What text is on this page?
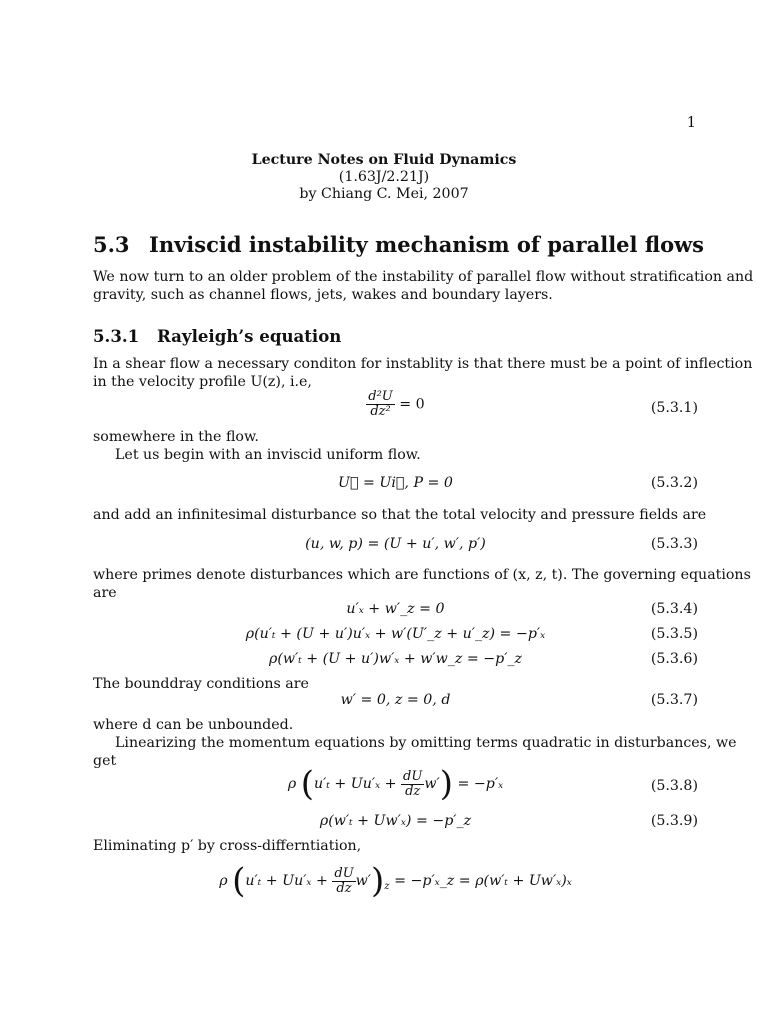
1
Lecture Notes on Fluid Dynamics
(1.63J/2.21J)
by Chiang C. Mei, 2007
5.3 Inviscid instability mechanism of parallel flows
We now turn to an older problem of the instability of parallel flow without stratification and
gravity, such as channel flows, jets, wakes and boundary layers.
5.3.1 Rayleigh’s equation
In a shear flow a necessary conditon for instablity is that there must be a point of inflection
in the velocity profile U(z), i.e,
$\frac{\text{d²U}}{\text{dz²}} = 0$	(5.3.1)
somewhere in the flow.
Let us begin with an inviscid uniform flow.
U⃗ = Ui⃗, P = 0	(5.3.2)
and add an infinitesimal disturbance so that the total velocity and pressure fields are
(u, w, p) = (U + u′, w′, p′)	(5.3.3)
where primes denote disturbances which are functions of (x, z, t). The governing equations
are
u′ₓ + w′_z = 0	(5.3.4)
ρ(u′ₜ + (U + u′)u′ₓ + w′(U′_z + u′_z) = −p′ₓ	(5.3.5)
ρ(w′ₜ + (U + u′)w′ₓ + w′w_z = −p′_z	(5.3.6)
The bounddray conditions are
w′ = 0, z = 0, d	(5.3.7)
where d can be unbounded.
Linearizing the momentum equations by omitting terms quadratic in disturbances, we
get
ρ $(u'_t + Uu'_x + \frac{dU}{dz} w') = -p'_x$	(5.3.8)
ρ(w′ₜ + Uw′ₓ) = −p′_z	(5.3.9)
Eliminating p′ by cross-differntiation,
ρ $(u'_t + Uu'_x + \frac{dU}{dz} w')_z$ = −p′ₓ_z = ρ(w′ₜ + Uw′ₓ)ₓ
